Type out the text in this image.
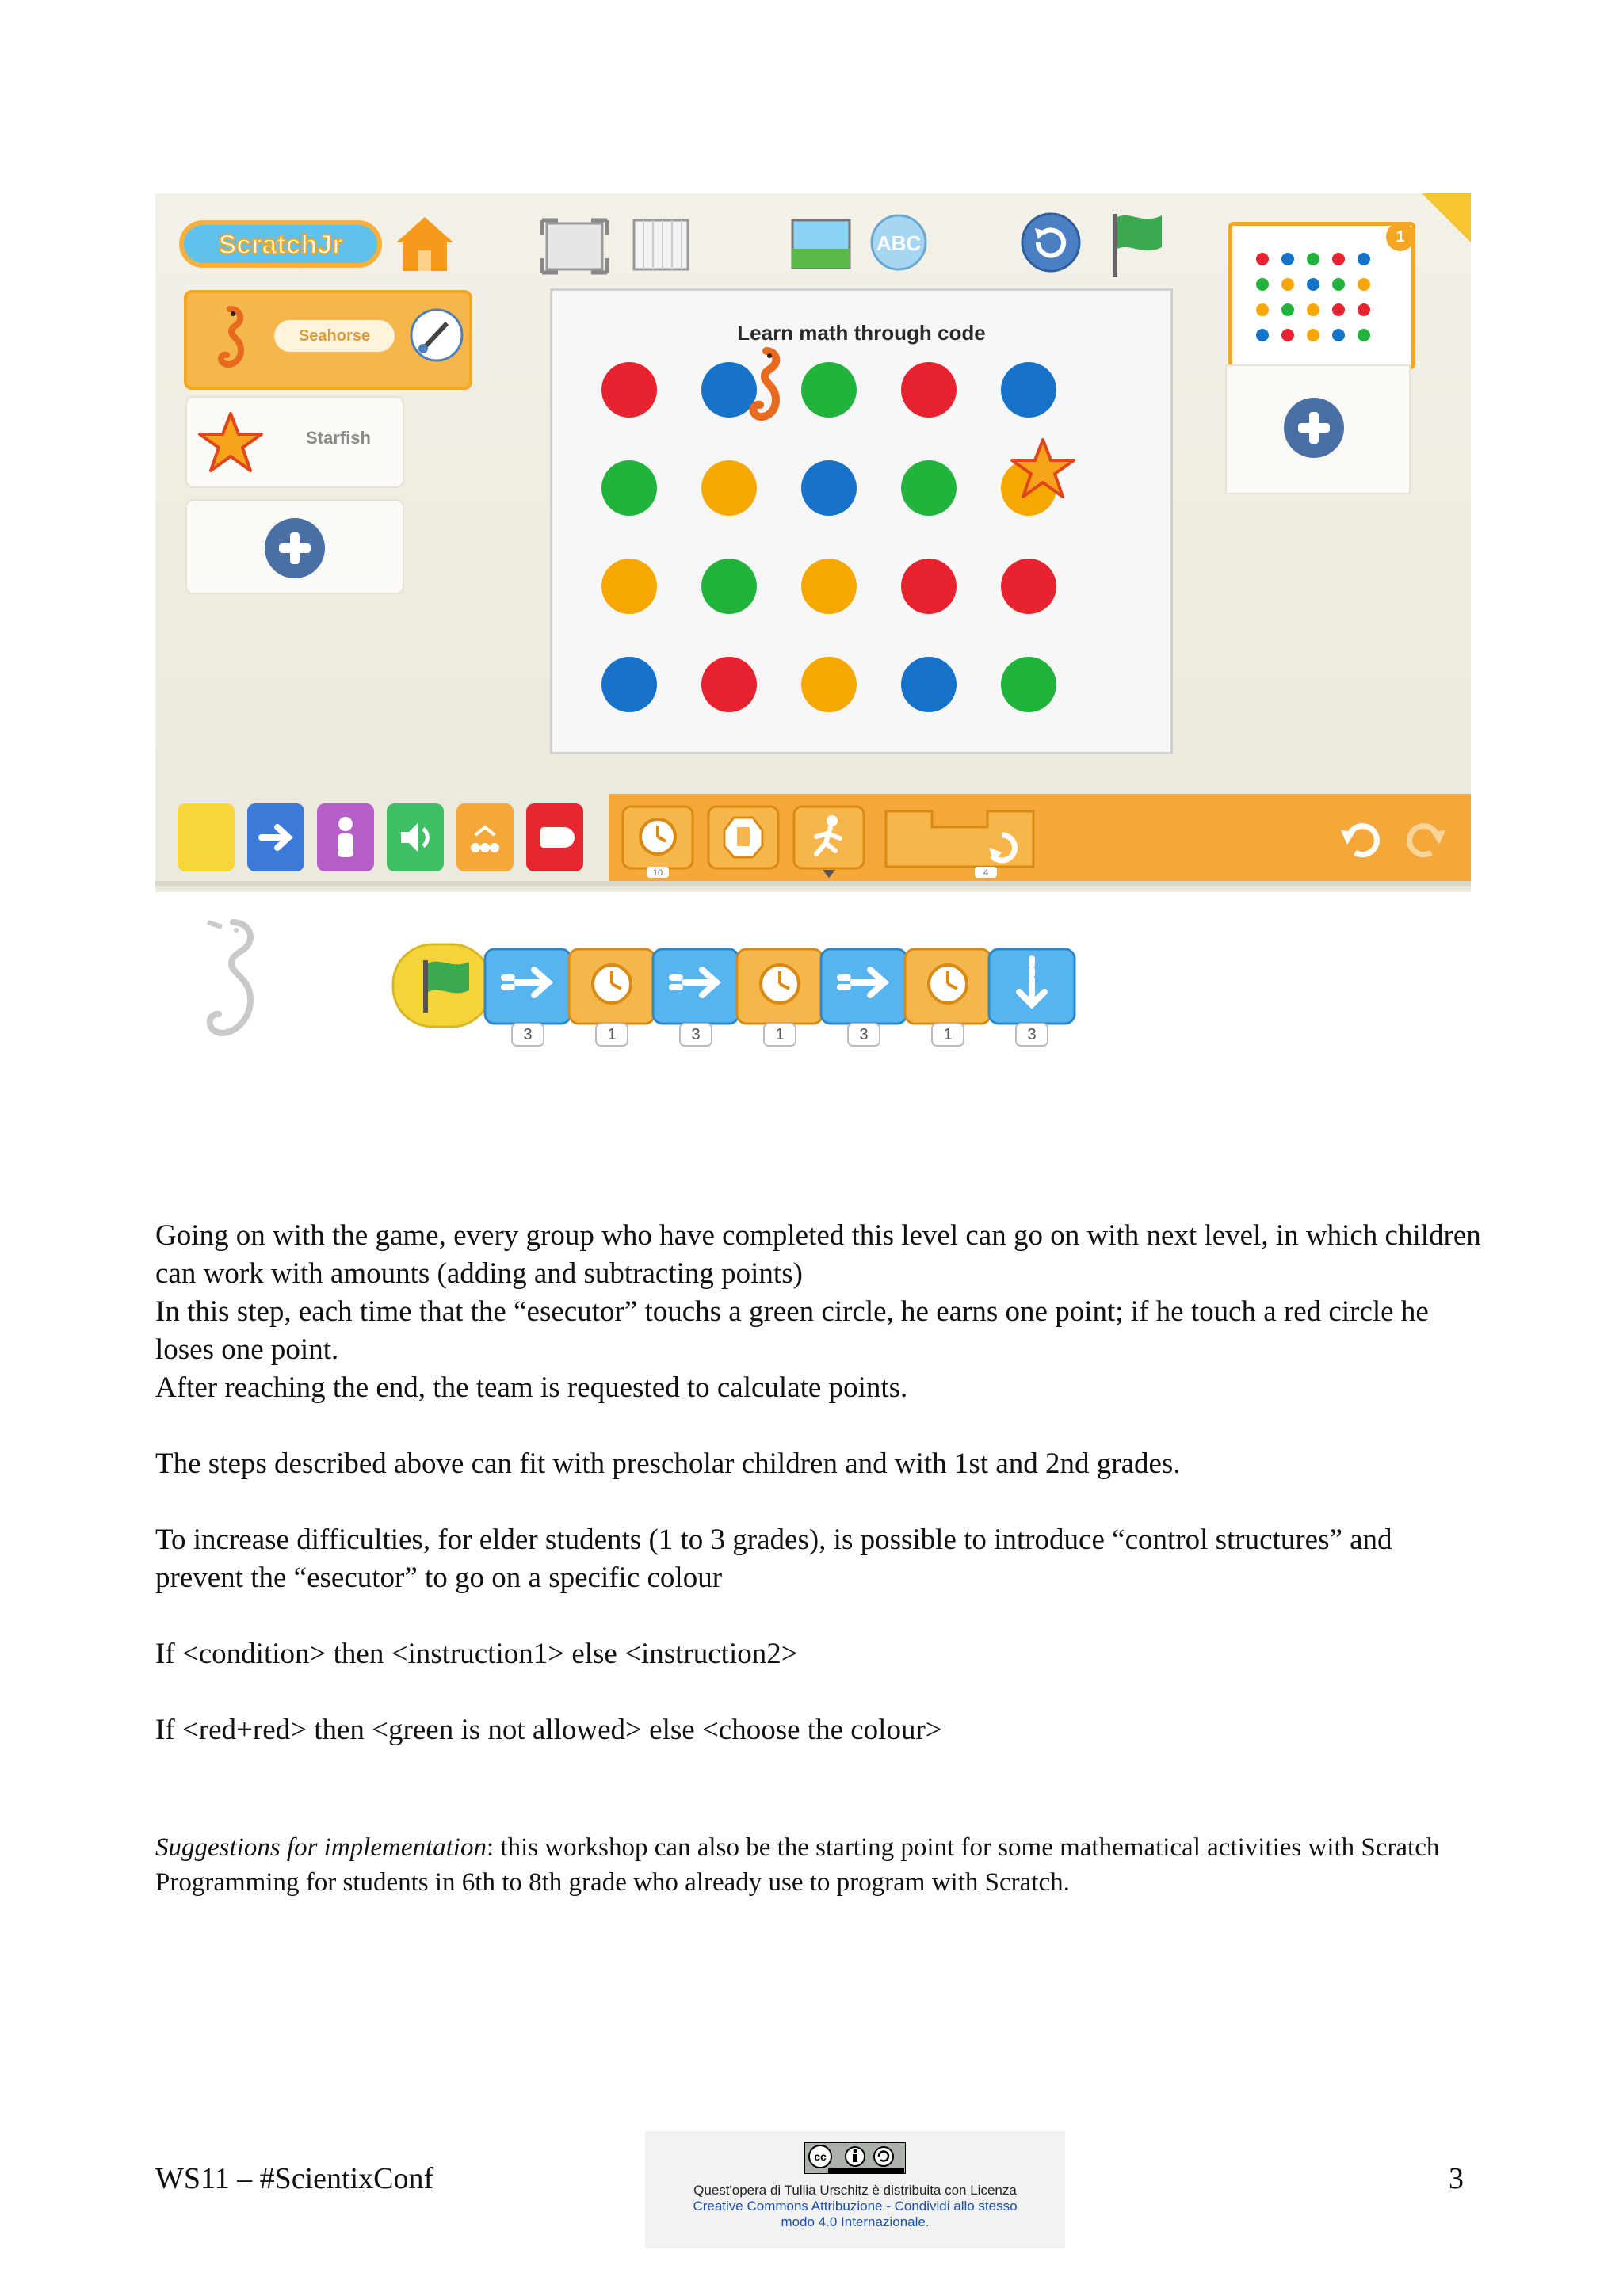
ScratchJr	ABC
Seahorse
Starfish
Learn math through code
1
10	4
3	1	3	1	3	1	3

Going on with the game, every group who have completed this level can go on with next level, in which children can work with amounts (adding and subtracting points)

In this step, each time that the “esecutor” touchs a green circle, he earns one point; if he touch a red circle he loses one point.

After reaching the end, the team is requested to calculate points.

The steps described above can fit with prescholar children and with 1st and 2nd grades.

To increase difficulties, for elder students (1 to 3 grades), is possible to introduce “control structures” and prevent the “esecutor” to go on a specific colour

If <condition> then <instruction1> else <instruction2>

If <red+red> then <green is not allowed> else <choose the colour>

Suggestions for implementation: this workshop can also be the starting point for some mathematical activities with Scratch Programming for students in 6th to 8th grade who already use to program with Scratch.

WS11 – #ScientixConf
cc
Quest'opera di Tullia Urschitz è distribuita con Licenza
Creative Commons Attribuzione - Condividi allo stesso
modo 4.0 Internazionale.
3
